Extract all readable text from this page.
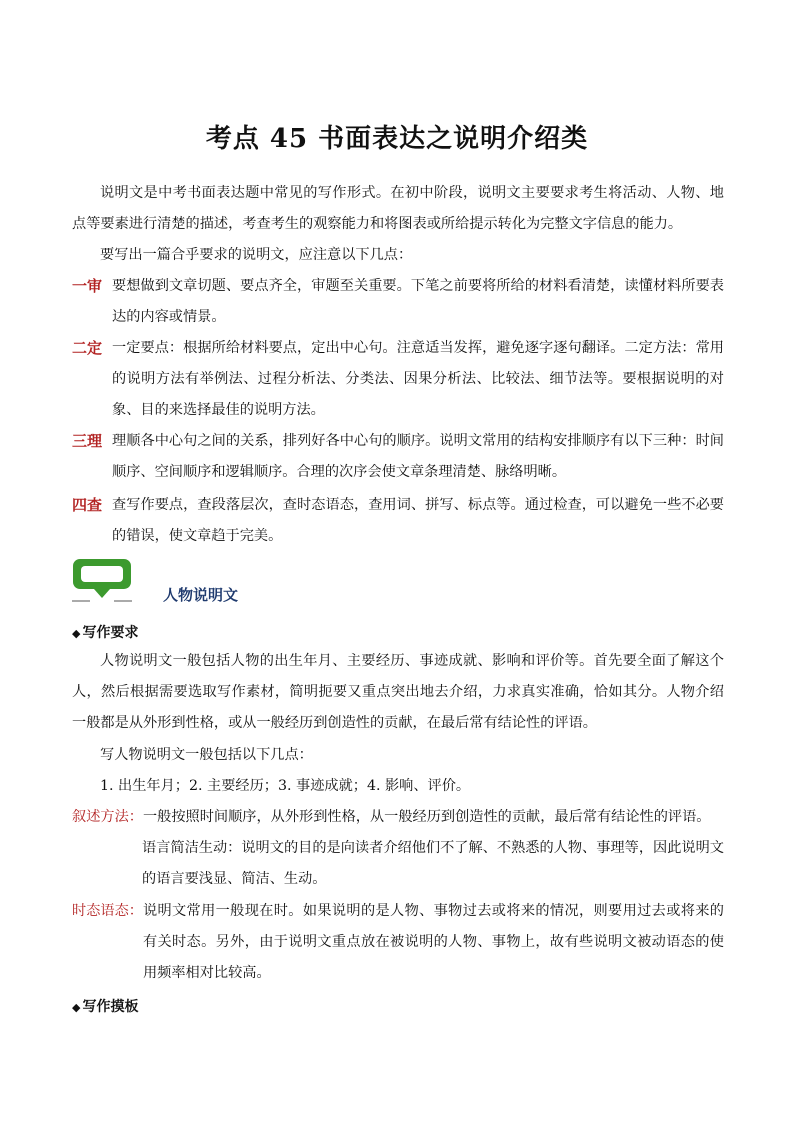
考点 45 书面表达之说明介绍类

说明文是中考书面表达题中常见的写作形式。在初中阶段，说明文主要要求考生将活动、人物、地点等要素进行清楚的描述，考查考生的观察能力和将图表或所给提示转化为完整文字信息的能力。

要写出一篇合乎要求的说明文，应注意以下几点：

一审 要想做到文章切题、要点齐全，审题至关重要。下笔之前要将所给的材料看清楚，读懂材料所要表达的内容或情景。
二定 一定要点：根据所给材料要点，定出中心句。注意适当发挥，避免逐字逐句翻译。二定方法：常用的说明方法有举例法、过程分析法、分类法、因果分析法、比较法、细节法等。要根据说明的对象、目的来选择最佳的说明方法。
三理 理顺各中心句之间的关系，排列好各中心句的顺序。说明文常用的结构安排顺序有以下三种：时间顺序、空间顺序和逻辑顺序。合理的次序会使文章条理清楚、脉络明晰。
四查 查写作要点，查段落层次，查时态语态，查用词、拼写、标点等。通过检查，可以避免一些不必要的错误，使文章趋于完美。
人物说明文
◆ 写作要求

人物说明文一般包括人物的出生年月、主要经历、事迹成就、影响和评价等。首先要全面了解这个人，然后根据需要选取写作素材，简明扼要又重点突出地去介绍，力求真实准确，恰如其分。人物介绍一般都是从外形到性格，或从一般经历到创造性的贡献，在最后常有结论性的评语。

写人物说明文一般包括以下几点：

1. 出生年月；2. 主要经历；3. 事迹成就；4. 影响、评价。
叙述方法： 一般按照时间顺序，从外形到性格，从一般经历到创造性的贡献，最后常有结论性的评语。
语言简洁生动：说明文的目的是向读者介绍他们不了解、不熟悉的人物、事理等，因此说明文的语言要浅显、简洁、生动。
时态语态： 说明文常用一般现在时。如果说明的是人物、事物过去或将来的情况，则要用过去或将来的有关时态。另外，由于说明文重点放在被说明的人物、事物上，故有些说明文被动语态的使用频率相对比较高。
◆ 写作摸板
